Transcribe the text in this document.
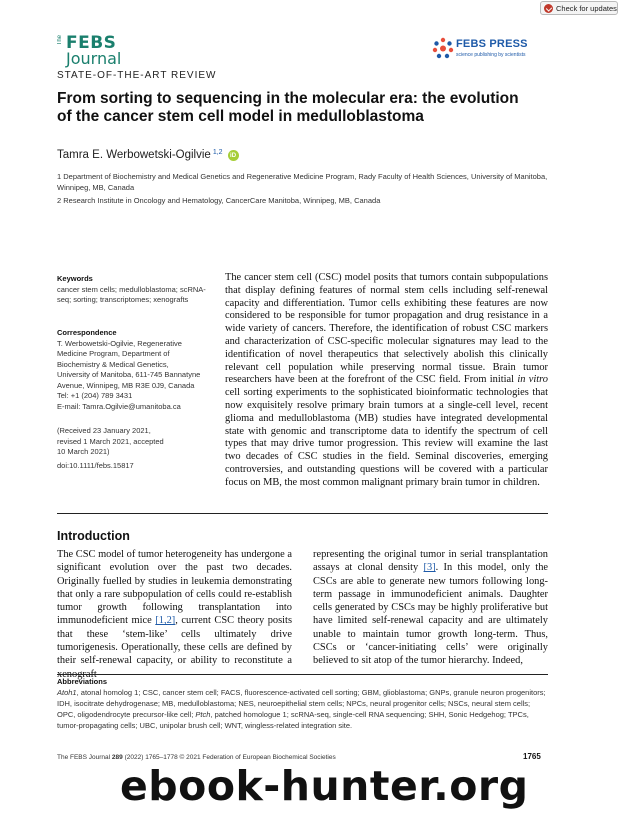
Check for updates
The FEBS
Journal
FEBS PRESS
science publishing by scientists
STATE-OF-THE-ART REVIEW
From sorting to sequencing in the molecular era: the evolution of the cancer stem cell model in medulloblastoma
Tamra E. Werbowetski-Ogilvie $^{1,2}$	iD
1 Department of Biochemistry and Medical Genetics and Regenerative Medicine Program, Rady Faculty of Health Sciences, University of Manitoba, Winnipeg, MB, Canada
2 Research Institute in Oncology and Hematology, CancerCare Manitoba, Winnipeg, MB, Canada
Keywords
cancer stem cells; medulloblastoma; scRNA-seq; sorting; transcriptomes; xenografts
Correspondence
T. Werbowetski-Ogilvie, Regenerative
Medicine Program, Department of
Biochemistry & Medical Genetics,
University of Manitoba, 611-745 Bannatyne
Avenue, Winnipeg, MB R3E 0J9, Canada
Tel: +1 (204) 789 3431
E-mail: Tamra.Ogilvie@umanitoba.ca
(Received 23 January 2021, revised 1 March 2021, accepted 10 March 2021)
doi:10.1111/febs.15817
The cancer stem cell (CSC) model posits that tumors contain subpopulations that display defining features of normal stem cells including self-renewal capacity and differentiation. Tumor cells exhibiting these features are now considered to be responsible for tumor propagation and drug resistance in a wide variety of cancers. Therefore, the identification of robust CSC markers and characterization of CSC-specific molecular signatures may lead to the identification of novel therapeutics that selectively abolish this clinically relevant cell population while preserving normal tissue. Brain tumor researchers have been at the forefront of the CSC field. From initial in vitro cell sorting experiments to the sophisticated bioinformatic technologies that now exquisitely resolve primary brain tumors at a single-cell level, recent glioma and medulloblastoma (MB) studies have integrated developmental state with genomic and transcriptome data to identify the spectrum of cell types that may drive tumor progression. This review will examine the last two decades of CSC studies in the field. Seminal discoveries, emerging controversies, and outstanding questions will be covered with a particular focus on MB, the most common malignant primary brain tumor in children.
Introduction
The CSC model of tumor heterogeneity has undergone a significant evolution over the past two decades. Originally fuelled by studies in leukemia demonstrating that only a rare subpopulation of cells could re-establish tumor growth following transplantation into immunodeficient mice [1,2], current CSC theory posits that these ‘stem-like’ cells ultimately drive tumorigenesis. Operationally, these cells are defined by their self-renewal capacity, or ability to reconstitute a xenograft
representing the original tumor in serial transplantation assays at clonal density [3]. In this model, only the CSCs are able to generate new tumors following long-term passage in immunodeficient animals. Daughter cells generated by CSCs may be highly proliferative but have limited self-renewal capacity and are ultimately unable to maintain tumor growth long-term. Thus, CSCs or ‘cancer-initiating cells’ were originally believed to sit atop of the tumor hierarchy. Indeed,
Abbreviations
Atoh1, atonal homolog 1; CSC, cancer stem cell; FACS, fluorescence-activated cell sorting; GBM, glioblastoma; GNPs, granule neuron progenitors; IDH, isocitrate dehydrogenase; MB, medulloblastoma; NES, neuroepithelial stem cells; NPCs, neural progenitor cells; NSCs, neural stem cells; OPC, oligodendrocyte precursor-like cell; Ptch, patched homologue 1; scRNA-seq, single-cell RNA sequencing; SHH, Sonic Hedgehog; TPCs, tumor-propagating cells; UBC, unipolar brush cell; WNT, wingless-related integration site.
The FEBS Journal 289 (2022) 1765–1778 © 2021 Federation of European Biochemical Societies	1765
ebook-hunter.org
